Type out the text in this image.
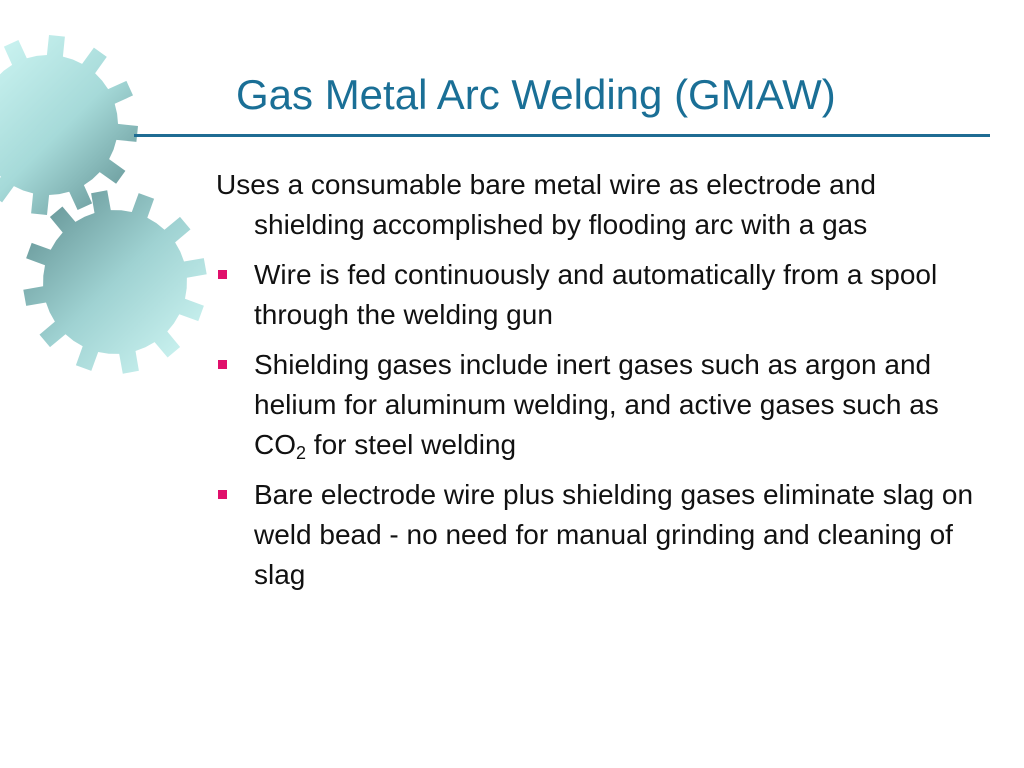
Gas Metal Arc Welding (GMAW)

Uses a consumable bare metal wire as electrode and shielding accomplished by flooding arc with a gas

Wire is fed continuously and automatically from a spool through the welding gun
Shielding gases include inert gases such as argon and helium for aluminum welding, and active gases such as $CO_2$ for steel welding
Bare electrode wire plus shielding gases eliminate slag on weld bead - no need for manual grinding and cleaning of slag
